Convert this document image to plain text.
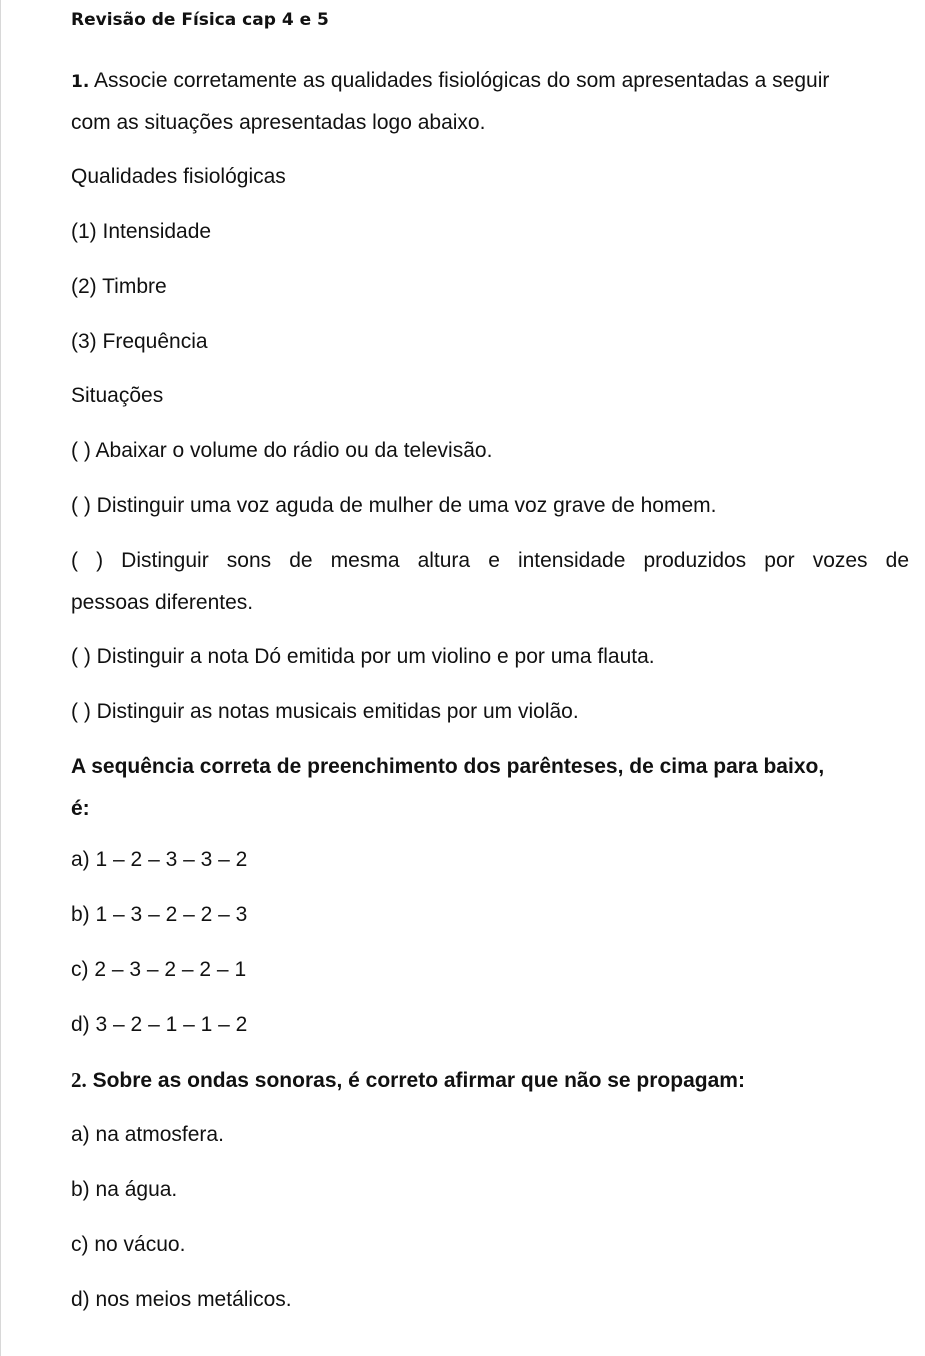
Revisão de Física cap 4 e 5
1. Associe corretamente as qualidades fisiológicas do som apresentadas a seguir
com as situações apresentadas logo abaixo.
Qualidades fisiológicas
(1) Intensidade
(2) Timbre
(3) Frequência
Situações
( ) Abaixar o volume do rádio ou da televisão.
( ) Distinguir uma voz aguda de mulher de uma voz grave de homem.
( ) Distinguir sons de mesma altura e intensidade produzidos por vozes de
pessoas diferentes.
( ) Distinguir a nota Dó emitida por um violino e por uma flauta.
( ) Distinguir as notas musicais emitidas por um violão.
A sequência correta de preenchimento dos parênteses, de cima para baixo,
é:
a) 1 – 2 – 3 – 3 – 2
b) 1 – 3 – 2 – 2 – 3
c) 2 – 3 – 2 – 2 – 1
d) 3 – 2 – 1 – 1 – 2
2. Sobre as ondas sonoras, é correto afirmar que não se propagam:
a) na atmosfera.
b) na água.
c) no vácuo.
d) nos meios metálicos.
